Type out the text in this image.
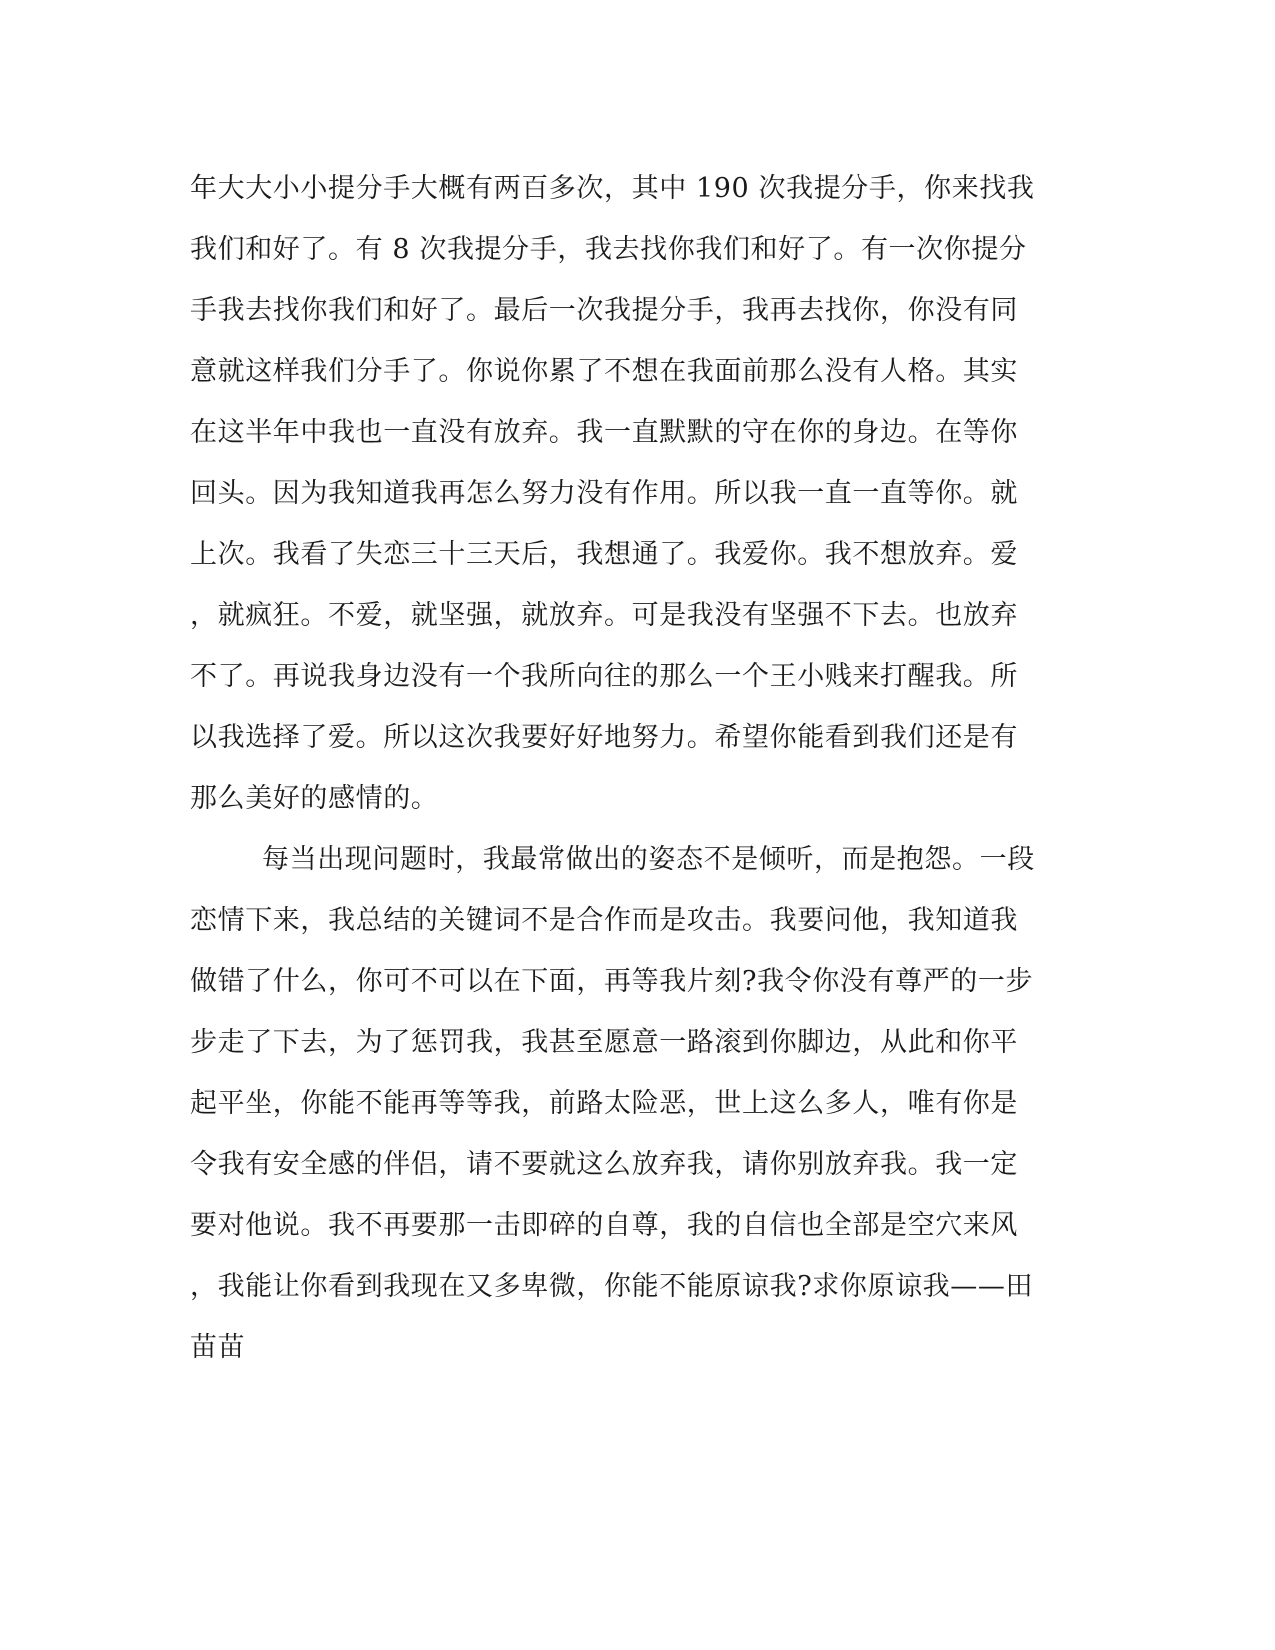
年大大小小提分手大概有两百多次，其中 190 次我提分手，你来找我
我们和好了。有 8 次我提分手，我去找你我们和好了。有一次你提分
手我去找你我们和好了。最后一次我提分手，我再去找你，你没有同
意就这样我们分手了。你说你累了不想在我面前那么没有人格。其实
在这半年中我也一直没有放弃。我一直默默的守在你的身边。在等你
回头。因为我知道我再怎么努力没有作用。所以我一直一直等你。就
上次。我看了失恋三十三天后，我想通了。我爱你。我不想放弃。爱
，就疯狂。不爱，就坚强，就放弃。可是我没有坚强不下去。也放弃
不了。再说我身边没有一个我所向往的那么一个王小贱来打醒我。所
以我选择了爱。所以这次我要好好地努力。希望你能看到我们还是有
那么美好的感情的。
每当出现问题时，我最常做出的姿态不是倾听，而是抱怨。一段
恋情下来，我总结的关键词不是合作而是攻击。我要问他，我知道我
做错了什么，你可不可以在下面，再等我片刻?我令你没有尊严的一步
步走了下去，为了惩罚我，我甚至愿意一路滚到你脚边，从此和你平
起平坐，你能不能再等等我，前路太险恶，世上这么多人，唯有你是
令我有安全感的伴侣，请不要就这么放弃我，请你别放弃我。我一定
要对他说。我不再要那一击即碎的自尊，我的自信也全部是空穴来风
，我能让你看到我现在又多卑微，你能不能原谅我?求你原谅我——田
苗苗
